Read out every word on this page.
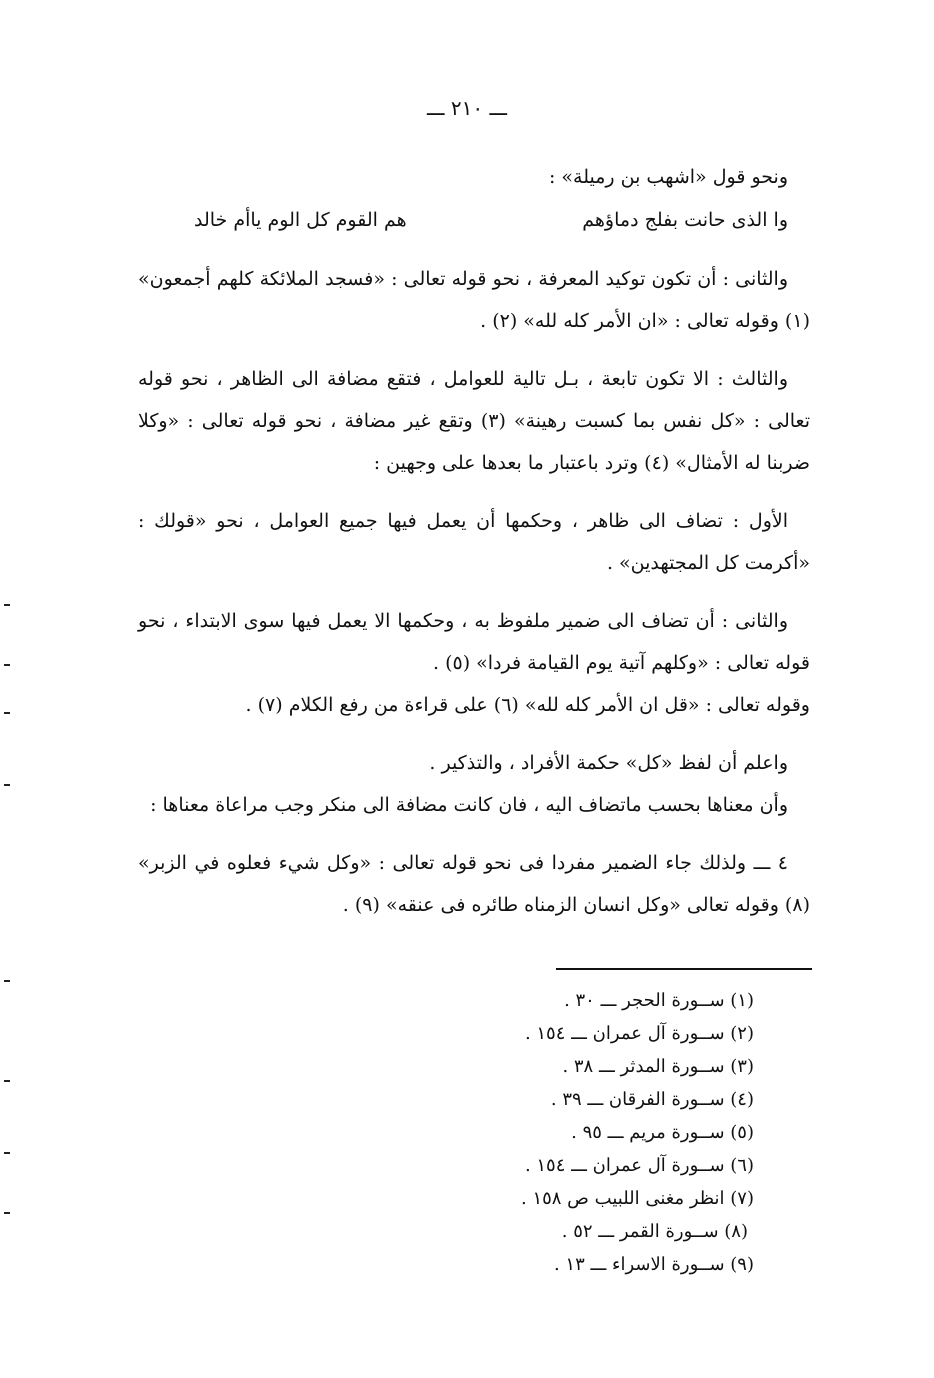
ـــ ٢١٠ ـــ

ونحو قول «اشهب بن رميلة» :

وا الذى حانت بفلج دماؤهم
هم القوم كل الوم ياأم خالد

والثانى : أن تكون توكيد المعرفة ، نحو قوله تعالى : «فسجد الملائكة كلهم أجمعون» (١) وقوله تعالى : «ان الأمر كله لله» (٢) .

والثالث : الا تكون تابعة ، بـل تالية للعوامل ، فتقع مضافة الى الظاهر ، نحو قوله تعالى : «كل نفس بما كسبت رهينة» (٣) وتقع غير مضافة ، نحو قوله تعالى : «وكلا ضربنا له الأمثال» (٤) وترد باعتبار ما بعدها على وجهين :

الأول : تضاف الى ظاهر ، وحكمها أن يعمل فيها جميع العوامل ، نحو «قولك : «أكرمت كل المجتهدين» .

والثانى : أن تضاف الى ضمير ملفوظ به ، وحكمها الا يعمل فيها سوى الابتداء ، نحو قوله تعالى : «وكلهم آتية يوم القيامة فردا» (٥) .

وقوله تعالى : «قل ان الأمر كله لله» (٦) على قراءة من رفع الكلام (٧) .

واعلم أن لفظ «كل» حكمة الأفراد ، والتذكير .

وأن معناها بحسب ماتضاف اليه ، فان كانت مضافة الى منكر وجب مراعاة معناها :

٤ ـــ ولذلك جاء الضمير مفردا فى نحو قوله تعالى : «وكل شيء فعلوه في الزبر» (٨) وقوله تعالى «وكل انسان الزمناه طائره فى عنقه» (٩) .

(١) ســورة الحجر ـــ ٣٠ .
(٢) ســورة آل عمران ـــ ١٥٤ .
(٣) ســورة المدثر ـــ ٣٨ .
(٤) ســورة الفرقان ـــ ٣٩ .
(٥) ســورة مريم ـــ ٩٥ .
(٦) ســورة آل عمران ـــ ١٥٤ .
(٧) انظر مغنى اللبيب ص ١٥٨ .
(٨) ســورة القمر ـــ ٥٢ .
(٩) ســورة الاسراء ـــ ١٣ .
